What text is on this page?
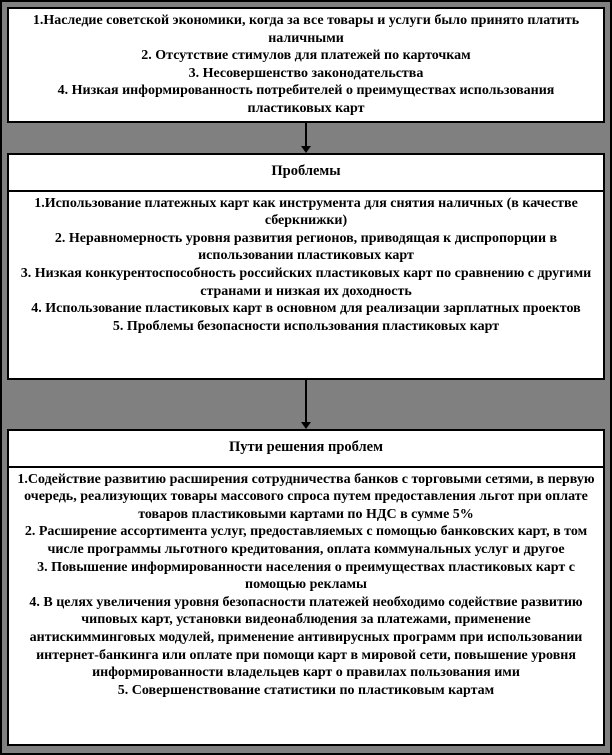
1.Наследие советской экономики, когда за все товары и услуги было принято платить наличными

2. Отсутствие стимулов для платежей по карточкам

3. Несовершенство законодательства

4. Низкая информированность потребителей о преимуществах использования пластиковых карт

Проблемы

1.Использование платежных карт как инструмента для снятия наличных (в качестве сберкнижки)

2. Неравномерность уровня развития регионов, приводящая к диспропорции в использовании пластиковых карт

3. Низкая конкурентоспособность российских пластиковых карт по сравнению с другими странами и низкая их доходность

4. Использование пластиковых карт в основном для реализации зарплатных проектов

5. Проблемы безопасности использования пластиковых карт

Пути решения проблем

1.Содействие развитию расширения сотрудничества банков с торговыми сетями, в первую очередь, реализующих товары массового спроса путем предоставления льгот при оплате товаров пластиковыми картами по НДС в сумме 5%

2. Расширение ассортимента услуг, предоставляемых с помощью банковских карт, в том числе программы льготного кредитования, оплата коммунальных услуг и другое

3. Повышение информированности населения о преимуществах пластиковых карт с помощью рекламы

4. В целях увеличения уровня безопасности платежей необходимо содействие развитию чиповых карт, установки видеонаблюдения за платежами, применение антискимминговых модулей, применение антивирусных программ при использовании интернет-банкинга или оплате при помощи карт в мировой сети, повышение уровня информированности владельцев карт о правилах пользования ими

5. Совершенствование статистики по пластиковым картам
